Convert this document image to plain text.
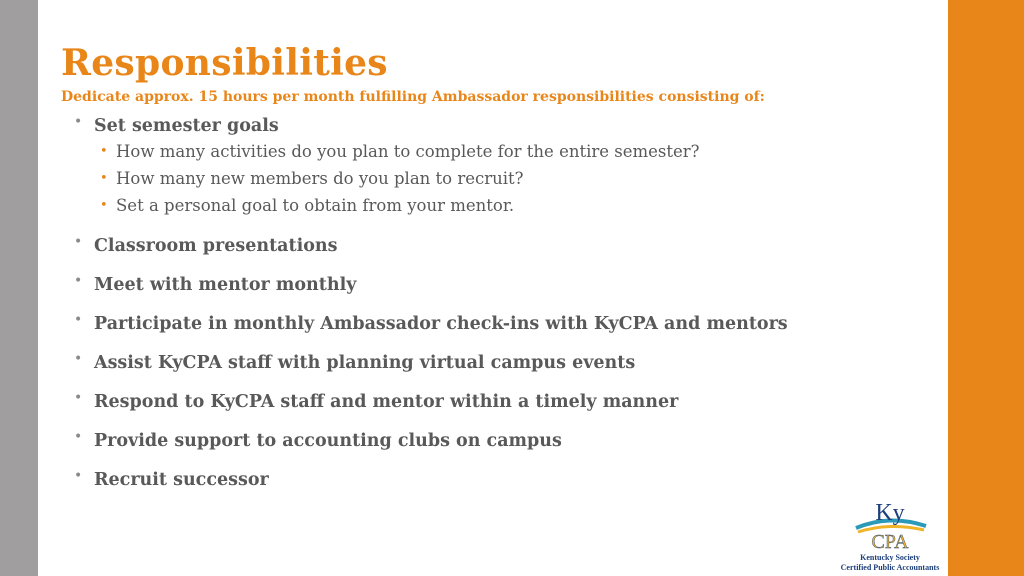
Responsibilities

Dedicate approx. 15 hours per month fulfilling Ambassador responsibilities consisting of:

• Set semester goals
• How many activities do you plan to complete for the entire semester?
• How many new members do you plan to recruit?
• Set a personal goal to obtain from your mentor.
• Classroom presentations
• Meet with mentor monthly
• Participate in monthly Ambassador check-ins with KyCPA and mentors
• Assist KyCPA staff with planning virtual campus events
• Respond to KyCPA staff and mentor within a timely manner
• Provide support to accounting clubs on campus
• Recruit successor
Ky
CPA
Kentucky Society
Certified Public Accountants
